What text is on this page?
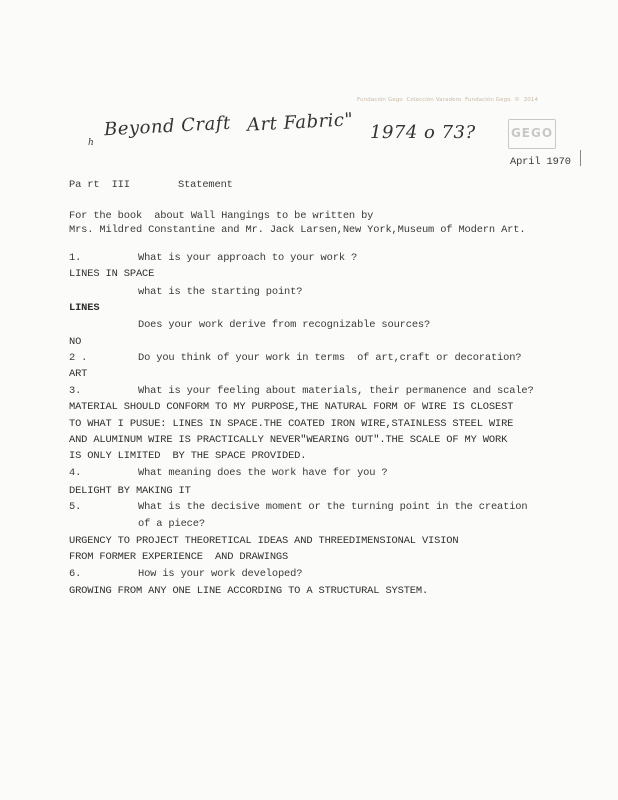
Fundación Gego  Colección Varadero  Fundación Gego  ©  2014
GEGO
h
Beyond Craft Art Fabric" 1974 o 73?
April 1970
Pa rt  III	Statement
For the book  about Wall Hangings to be written by
Mrs. Mildred Constantine and Mr. Jack Larsen,New York,Museum of Modern Art.
1.	What is your approach to your work ?
LINES IN SPACE
what is the starting point?
LINES
Does your work derive from recognizable sources?
NO
2 .	Do you think of your work in terms  of art,craft or decoration?
ART
3.	What is your feeling about materials, their permanence and scale?
MATERIAL SHOULD CONFORM TO MY PURPOSE,THE NATURAL FORM OF WIRE IS CLOSEST
TO WHAT I PUSUE: LINES IN SPACE.THE COATED IRON WIRE,STAINLESS STEEL WIRE
AND ALUMINUM WIRE IS PRACTICALLY NEVER"WEARING OUT".THE SCALE OF MY WORK
IS ONLY LIMITED  BY THE SPACE PROVIDED.
4.	What meaning does the work have for you ?
DELIGHT BY MAKING IT
5.	What is the decisive moment or the turning point in the creation
of a piece?
URGENCY TO PROJECT THEORETICAL IDEAS AND THREEDIMENSIONAL VISION
FROM FORMER EXPERIENCE  AND DRAWINGS
6.	How is your work developed?
GROWING FROM ANY ONE LINE ACCORDING TO A STRUCTURAL SYSTEM.
